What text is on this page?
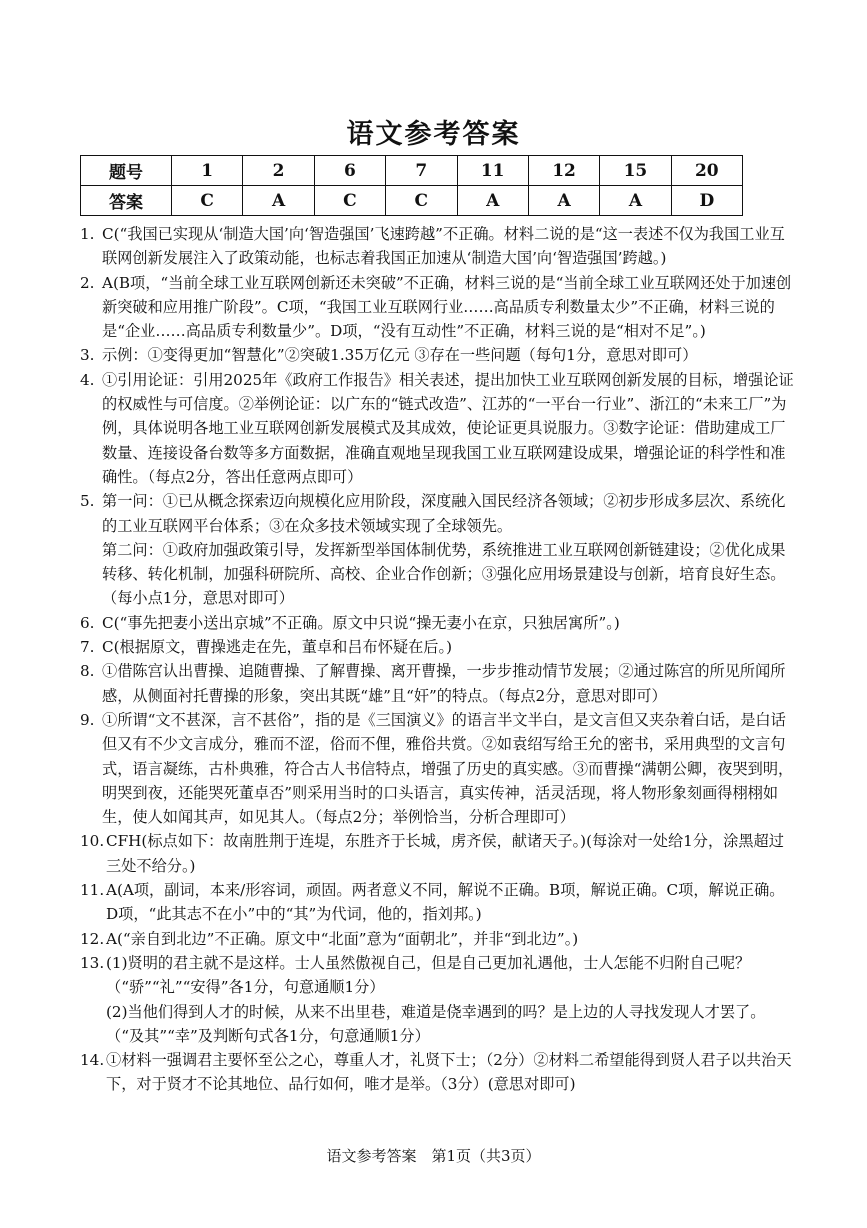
语文参考答案
题号	1	2	6	7	11	12	15	20
答案	C	A	C	C	A	A	A	D
1. C(“我国已实现从‘制造大国’向‘智造强国’飞速跨越”不正确。材料二说的是“这一表述不仅为我国工业互联网创新发展注入了政策动能，也标志着我国正加速从‘制造大国’向‘智造强国’跨越。)
2. A(B项，“当前全球工业互联网创新还未突破”不正确，材料三说的是“当前全球工业互联网还处于加速创新突破和应用推广阶段”。C项，“我国工业互联网行业……高品质专利数量太少”不正确，材料三说的是“企业……高品质专利数量少”。D项，“没有互动性”不正确，材料三说的是“相对不足”。)
3. 示例：①变得更加“智慧化”②突破1.35万亿元 ③存在一些问题（每句1分，意思对即可）
4. ①引用论证：引用2025年《政府工作报告》相关表述，提出加快工业互联网创新发展的目标，增强论证的权威性与可信度。②举例论证：以广东的“链式改造”、江苏的“一平台一行业”、浙江的“未来工厂”为例，具体说明各地工业互联网创新发展模式及其成效，使论证更具说服力。③数字论证：借助建成工厂数量、连接设备台数等多方面数据，准确直观地呈现我国工业互联网建设成果，增强论证的科学性和准确性。（每点2分，答出任意两点即可）
5. 第一问：①已从概念探索迈向规模化应用阶段，深度融入国民经济各领域；②初步形成多层次、系统化的工业互联网平台体系；③在众多技术领域实现了全球领先。

第二问：①政府加强政策引导，发挥新型举国体制优势，系统推进工业互联网创新链建设；②优化成果转移、转化机制，加强科研院所、高校、企业合作创新；③强化应用场景建设与创新，培育良好生态。（每小点1分，意思对即可）

6. C(“事先把妻小送出京城”不正确。原文中只说“操无妻小在京，只独居寓所”。)
7. C(根据原文，曹操逃走在先，董卓和吕布怀疑在后。)
8. ①借陈宫认出曹操、追随曹操、了解曹操、离开曹操，一步步推动情节发展；②通过陈宫的所见所闻所感，从侧面衬托曹操的形象，突出其既“雄”且“奸”的特点。（每点2分，意思对即可）
9. ①所谓“文不甚深，言不甚俗”，指的是《三国演义》的语言半文半白，是文言但又夹杂着白话，是白话但又有不少文言成分，雅而不涩，俗而不俚，雅俗共赏。②如袁绍写给王允的密书，采用典型的文言句式，语言凝练，古朴典雅，符合古人书信特点，增强了历史的真实感。③而曹操“满朝公卿，夜哭到明，明哭到夜，还能哭死董卓否”则采用当时的口头语言，真实传神，活灵活现，将人物形象刻画得栩栩如生，使人如闻其声，如见其人。（每点2分；举例恰当，分析合理即可）
10. CFH(标点如下：故南胜荆于连堤，东胜齐于长城，虏齐侯，献诸天子。)(每涂对一处给1分，涂黑超过三处不给分。)
11. A(A项，副词，本来/形容词，顽固。两者意义不同，解说不正确。B项，解说正确。C项，解说正确。D项，“此其志不在小”中的“其”为代词，他的，指刘邦。)
12. A(“亲自到北边”不正确。原文中“北面”意为“面朝北”，并非“到北边”。)
13. (1)贤明的君主就不是这样。士人虽然傲视自己，但是自己更加礼遇他，士人怎能不归附自己呢？（“骄”“礼”“安得”各1分，句意通顺1分）

(2)当他们得到人才的时候，从来不出里巷，难道是侥幸遇到的吗？是上边的人寻找发现人才罢了。（“及其”“幸”及判断句式各1分，句意通顺1分）

14. ①材料一强调君主要怀至公之心，尊重人才，礼贤下士；（2分）②材料二希望能得到贤人君子以共治天下，对于贤才不论其地位、品行如何，唯才是举。（3分）(意思对即可)
语文参考答案　第1页（共3页）
